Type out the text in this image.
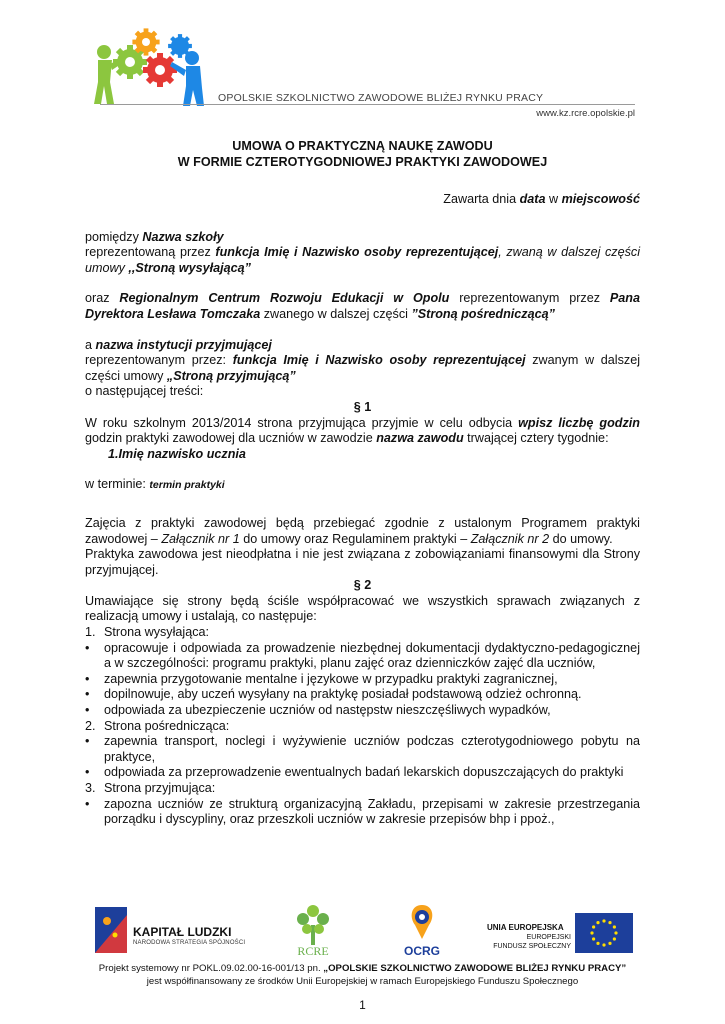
OPOLSKIE SZKOLNICTWO ZAWODOWE BLIŻEJ RYNKU PRACY
www.kz.rcre.opolskie.pl

UMOWA O PRAKTYCZNĄ NAUKĘ ZAWODU

W FORMIE CZTEROTYGODNIOWEJ PRAKTYKI ZAWODOWEJ

Zawarta dnia data w miejscowość

pomiędzy Nazwa szkoły

reprezentowaną przez funkcja Imię i Nazwisko osoby reprezentującej, zwaną w dalszej części umowy ,,Stroną wysyłającą”

oraz Regionalnym Centrum Rozwoju Edukacji w Opolu reprezentowanym przez Pana Dyrektora Lesława Tomczaka zwanego w dalszej części ”Stroną pośredniczącą”

a nazwa instytucji przyjmującej

reprezentowanym przez: funkcja Imię i Nazwisko osoby reprezentującej zwanym w dalszej części umowy „Stroną przyjmującą”

o następującej treści:

§ 1

W roku szkolnym 2013/2014 strona przyjmująca przyjmie w celu odbycia wpisz liczbę godzin godzin praktyki zawodowej dla uczniów w zawodzie nazwa zawodu trwającej cztery tygodnie:

1. Imię nazwisko ucznia

w terminie: termin praktyki

Zajęcia z praktyki zawodowej będą przebiegać zgodnie z ustalonym Programem praktyki zawodowej – Załącznik nr 1 do umowy oraz Regulaminem praktyki – Załącznik nr 2 do umowy.

Praktyka zawodowa jest nieodpłatna i nie jest związana z zobowiązaniami finansowymi dla Strony przyjmującej.

§ 2

Umawiające się strony będą ściśle współpracować we wszystkich sprawach związanych z realizacją umowy i ustalają, co następuje:

1. Strona wysyłająca:
•	opracowuje i odpowiada za prowadzenie niezbędnej dokumentacji dydaktyczno-pedagogicznej a w szczególności: programu praktyki, planu zajęć oraz dzienniczków zajęć dla uczniów,
•	zapewnia przygotowanie mentalne i językowe w przypadku praktyki zagranicznej,
•	dopilnowuje, aby uczeń wysyłany na praktykę posiadał podstawową odzież ochronną.
•	odpowiada za ubezpieczenie uczniów od następstw nieszczęśliwych wypadków,
2. Strona pośrednicząca:
•	zapewnia transport, noclegi i wyżywienie uczniów podczas czterotygodniowego pobytu na praktyce,
•	odpowiada za przeprowadzenie ewentualnych badań lekarskich dopuszczających do praktyki
3. Strona przyjmująca:
•	zapozna uczniów ze strukturą organizacyjną Zakładu, przepisami w zakresie przestrzegania porządku i dyscypliny, oraz przeszkoli uczniów w zakresie przepisów bhp i ppoż.,
KAPITAŁ LUDZKI
NARODOWA STRATEGIA SPÓJNOŚCI
RCRE	OCRG
UNIA EUROPEJSKA
EUROPEJSKI
FUNDUSZ SPOŁECZNY
Projekt systemowy nr POKL.09.02.00-16-001/13 pn. „OPOLSKIE SZKOLNICTWO ZAWODOWE BLIŻEJ RYNKU PRACY”
jest współfinansowany ze środków Unii Europejskiej w ramach Europejskiego Funduszu Społecznego
1
